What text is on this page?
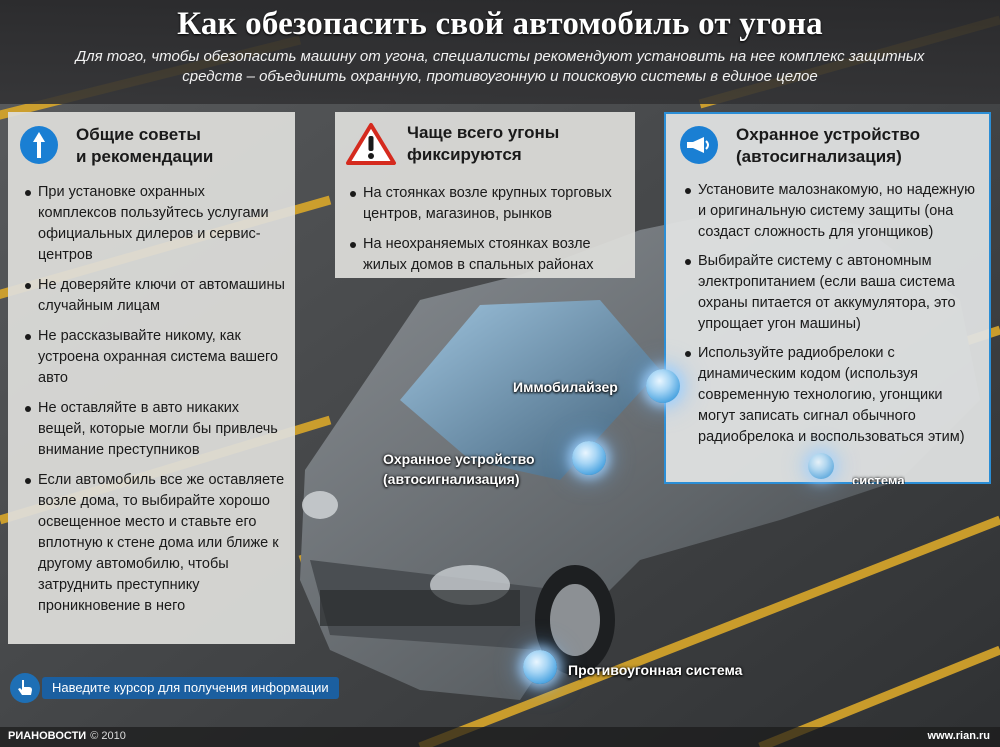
Как обезопасить свой автомобиль от угона
Для того, чтобы обезопасить машину от угона, специалисты рекомендуют установить на нее комплекс защитных средств – объединить охранную, противоугонную и поисковую системы в единое целое
Общие советы
и рекомендации
При установке охранных комплексов пользуйтесь услугами официальных дилеров и сервис-центров
Не доверяйте ключи от автомашины случайным лицам
Не рассказывайте никому, как устроена охранная система вашего авто
Не оставляйте в авто никаких вещей, которые могли бы привлечь внимание преступников
Если автомобиль все же оставляете возле дома, то выбирайте хорошо освещенное место и ставьте его вплотную к стене дома или ближе к другому автомобилю, чтобы затруднить преступнику проникновение в него
Чаще всего угоны
фиксируются
На стоянках возле крупных торговых центров, магазинов, рынков
На неохраняемых стоянках возле жилых домов в спальных районах
Охранное устройство
(автосигнализация)
Установите малознакомую, но надежную и оригинальную систему защиты (она создаст сложность для угонщиков)
Выбирайте систему с автономным электропитанием (если ваша система охраны питается от аккумулятора, это упрощает угон машины)
Используйте радиобрелоки с динамическим кодом (используя современную технологию, угонщики могут записать сигнал обычного радиобрелока и воспользоваться этим)
Иммобилайзер
Охранное устройство
(автосигнализация)
Противоугонная система
система
Наведите курсор для получения информации
РИАНОВОСТИ © 2010	www.rian.ru
